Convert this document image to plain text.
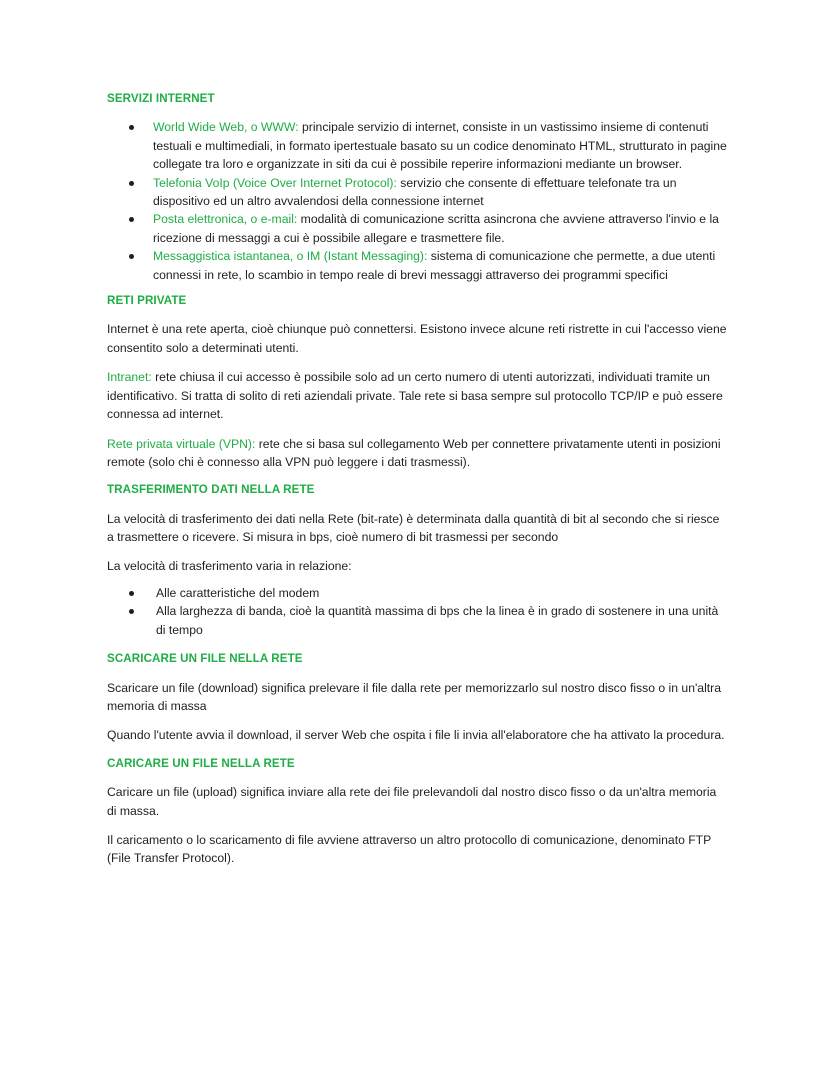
SERVIZI INTERNET
World Wide Web, o WWW: principale servizio di internet, consiste in un vastissimo insieme di contenuti testuali e multimediali, in formato ipertestuale basato su un codice denominato HTML, strutturato in pagine collegate tra loro e organizzate in siti da cui è possibile reperire informazioni mediante un browser.
Telefonia VoIp (Voice Over Internet Protocol): servizio che consente di effettuare telefonate tra un dispositivo ed un altro avvalendosi della connessione internet
Posta elettronica, o e-mail: modalità di comunicazione scritta asincrona che avviene attraverso l'invio e la ricezione di messaggi a cui è possibile allegare e trasmettere file.
Messaggistica istantanea, o IM (Istant Messaging): sistema di comunicazione che permette, a due utenti connessi in rete, lo scambio in tempo reale di brevi messaggi attraverso dei programmi specifici
RETI PRIVATE

Internet è una rete aperta, cioè chiunque può connettersi. Esistono invece alcune reti ristrette in cui l'accesso viene consentito solo a determinati utenti.

Intranet: rete chiusa il cui accesso è possibile solo ad un certo numero di utenti autorizzati, individuati tramite un identificativo. Si tratta di solito di reti aziendali private. Tale rete si basa sempre sul protocollo TCP/IP e può essere connessa ad internet.

Rete privata virtuale (VPN): rete che si basa sul collegamento Web per connettere privatamente utenti in posizioni remote (solo chi è connesso alla VPN può leggere i dati trasmessi).

TRASFERIMENTO DATI NELLA RETE

La velocità di trasferimento dei dati nella Rete (bit-rate) è determinata dalla quantità di bit al secondo che si riesce a trasmettere o ricevere. Si misura in bps, cioè numero di bit trasmessi per secondo

La velocità di trasferimento varia in relazione:

Alle caratteristiche del modem
Alla larghezza di banda, cioè la quantità massima di bps che la linea è in grado di sostenere in una unità di tempo
SCARICARE UN FILE NELLA RETE

Scaricare un file (download) significa prelevare il file dalla rete per memorizzarlo sul nostro disco fisso o in un'altra memoria di massa

Quando l'utente avvia il download, il server Web che ospita i file li invia all'elaboratore che ha attivato la procedura.

CARICARE UN FILE NELLA RETE

Caricare un file (upload) significa inviare alla rete dei file prelevandoli dal nostro disco fisso o da un'altra memoria di massa.

Il caricamento o lo scaricamento di file avviene attraverso un altro protocollo di comunicazione, denominato FTP (File Transfer Protocol).
